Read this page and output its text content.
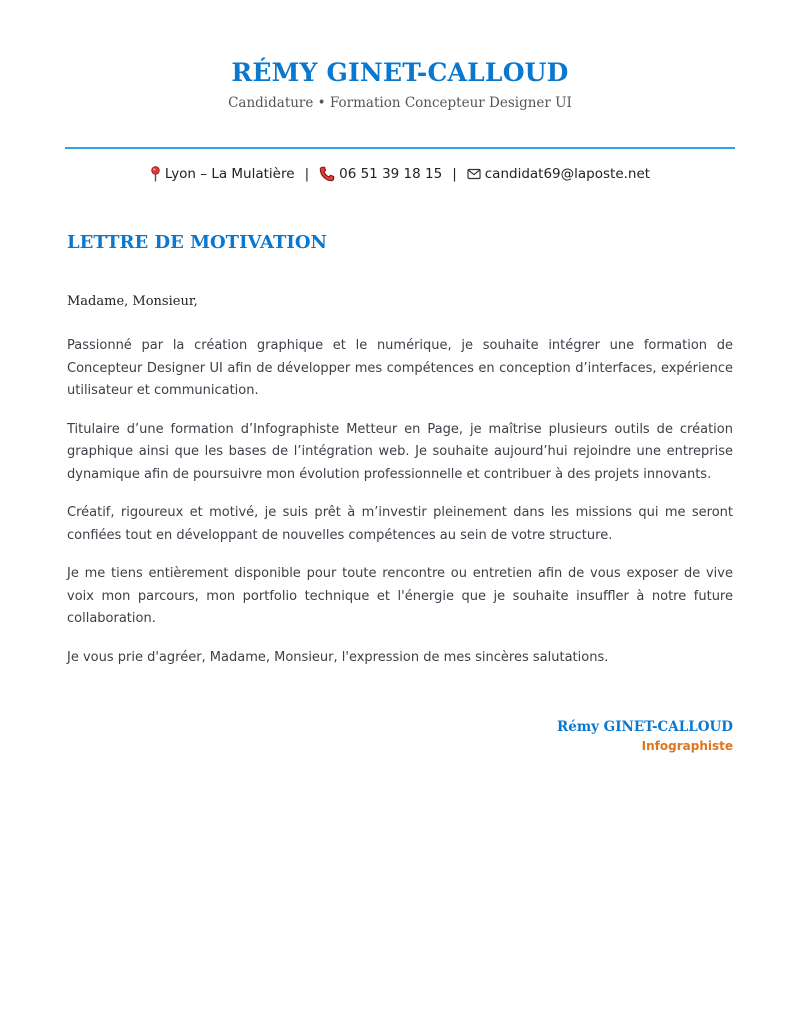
RÉMY GINET-CALLOUD
Candidature • Formation Concepteur Designer UI
Lyon – La Mulatière | 06 51 39 18 15 | candidat69@laposte.net
LETTRE DE MOTIVATION
Madame, Monsieur,

Passionné par la création graphique et le numérique, je souhaite intégrer une formation de Concepteur Designer UI afin de développer mes compétences en conception d’interfaces, expérience utilisateur et communication.

Titulaire d’une formation d’Infographiste Metteur en Page, je maîtrise plusieurs outils de création graphique ainsi que les bases de l’intégration web. Je souhaite aujourd’hui rejoindre une entreprise dynamique afin de poursuivre mon évolution professionnelle et contribuer à des projets innovants.

Créatif, rigoureux et motivé, je suis prêt à m’investir pleinement dans les missions qui me seront confiées tout en développant de nouvelles compétences au sein de votre structure.

Je me tiens entièrement disponible pour toute rencontre ou entretien afin de vous exposer de vive voix mon parcours, mon portfolio technique et l'énergie que je souhaite insuffler à notre future collaboration.

Je vous prie d'agréer, Madame, Monsieur, l'expression de mes sincères salutations.

Rémy GINET-CALLOUD
Infographiste
